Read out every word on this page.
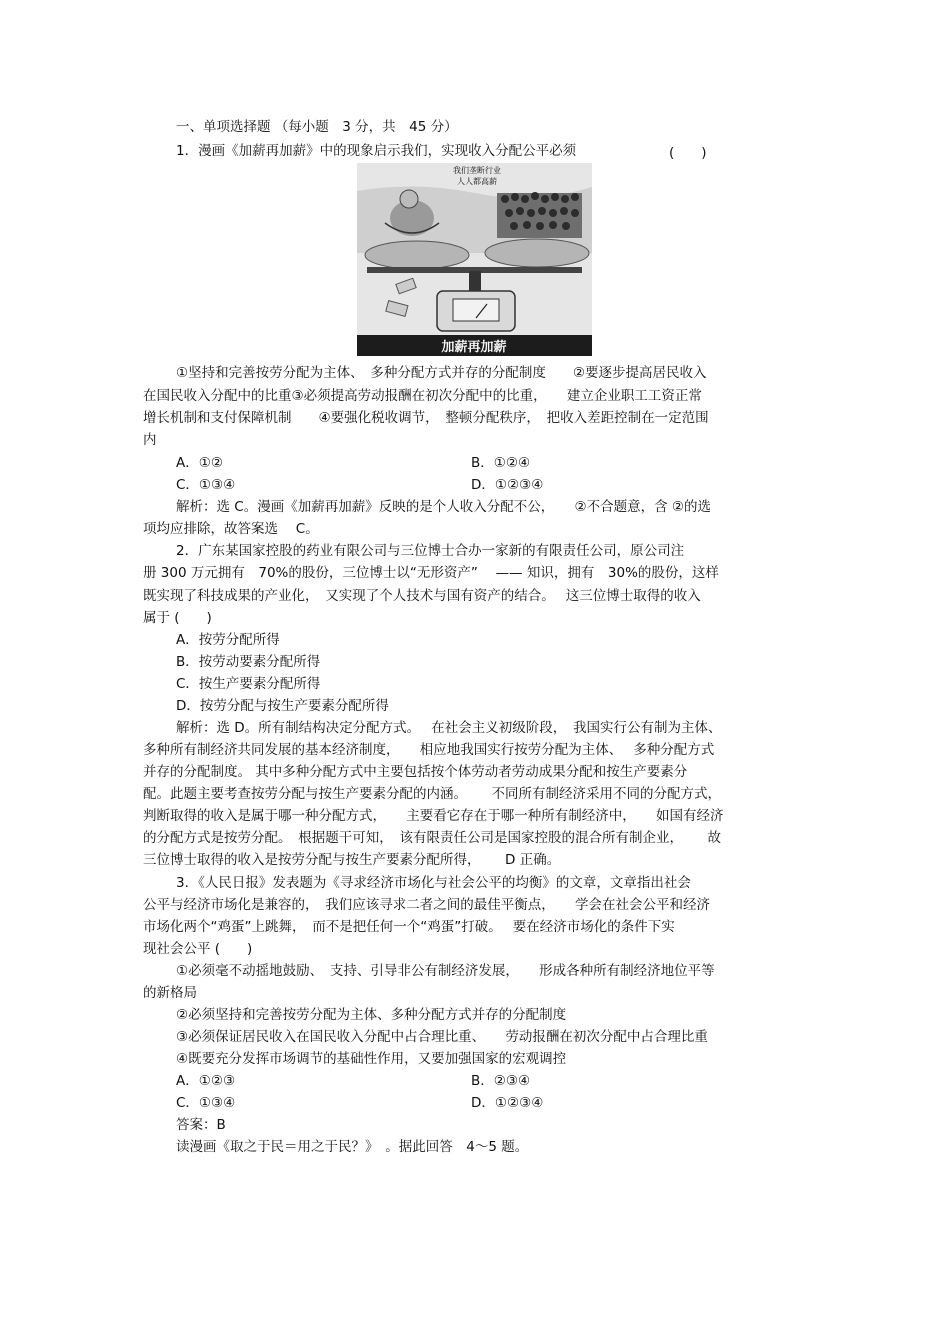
一、单项选择题 （每小题　3 分，共　45 分）
1．漫画《加薪再加薪》中的现象启示我们，实现收入分配公平必须	(　　)
我们垄断行业
人人都高薪
加薪再加薪
①坚持和完善按劳分配为主体、　多种分配方式并存的分配制度　　②要逐步提高居民收入
在国民收入分配中的比重③必须提高劳动报酬在初次分配中的比重，　　建立企业职工工资正常
增长机制和支付保障机制　　④要强化税收调节，　整顿分配秩序，　把收入差距控制在一定范围
内
A．①②	B．①②④
C．①③④	D．①②③④
解析：选 C。漫画《加薪再加薪》反映的是个人收入分配不公，　　②不合题意，含 ②的选
项均应排除，故答案选　 C。
2．广东某国家控股的药业有限公司与三位博士合办一家新的有限责任公司，原公司注
册 300 万元拥有　70%的股份，三位博士以“无形资产”　 —— 知识，拥有　30%的股份，这样
既实现了科技成果的产业化，　又实现了个人技术与国有资产的结合。　 这三位博士取得的收入
属于 (　　)
A．按劳分配所得
B．按劳动要素分配所得
C．按生产要素分配所得
D．按劳分配与按生产要素分配所得
解析：选 D。所有制结构决定分配方式。　 在社会主义初级阶段，　我国实行公有制为主体、
多种所有制经济共同发展的基本经济制度，　　相应地我国实行按劳分配为主体、　 多种分配方式
并存的分配制度。 其中多种分配方式中主要包括按个体劳动者劳动成果分配和按生产要素分
配。此题主要考查按劳分配与按生产要素分配的内涵。　　 不同所有制经济采用不同的分配方式，
判断取得的收入是属于哪一种分配方式，　　主要看它存在于哪一种所有制经济中，　　如国有经济
的分配方式是按劳分配。　根据题干可知，　该有限责任公司是国家控股的混合所有制企业，　　 故
三位博士取得的收入是按劳分配与按生产要素分配所得，　　 D 正确。
3．《人民日报》发表题为《寻求经济市场化与社会公平的均衡》的文章，文章指出社会
公平与经济市场化是兼容的，　我们应该寻求二者之间的最佳平衡点，　　学会在社会公平和经济
市场化两个“鸡蛋”上跳舞，　而不是把任何一个“鸡蛋”打破。　 要在经济市场化的条件下实
现社会公平 (　　)
①必须毫不动摇地鼓励、　支持、引导非公有制经济发展，　　形成各种所有制经济地位平等
的新格局
②必须坚持和完善按劳分配为主体、多种分配方式并存的分配制度
③必须保证居民收入在国民收入分配中占合理比重、　　劳动报酬在初次分配中占合理比重
④既要充分发挥市场调节的基础性作用，又要加强国家的宏观调控
A．①②③	B．②③④
C．①③④	D．①②③④
答案：B
读漫画《取之于民＝用之于民？》　。据此回答　4～5 题。
